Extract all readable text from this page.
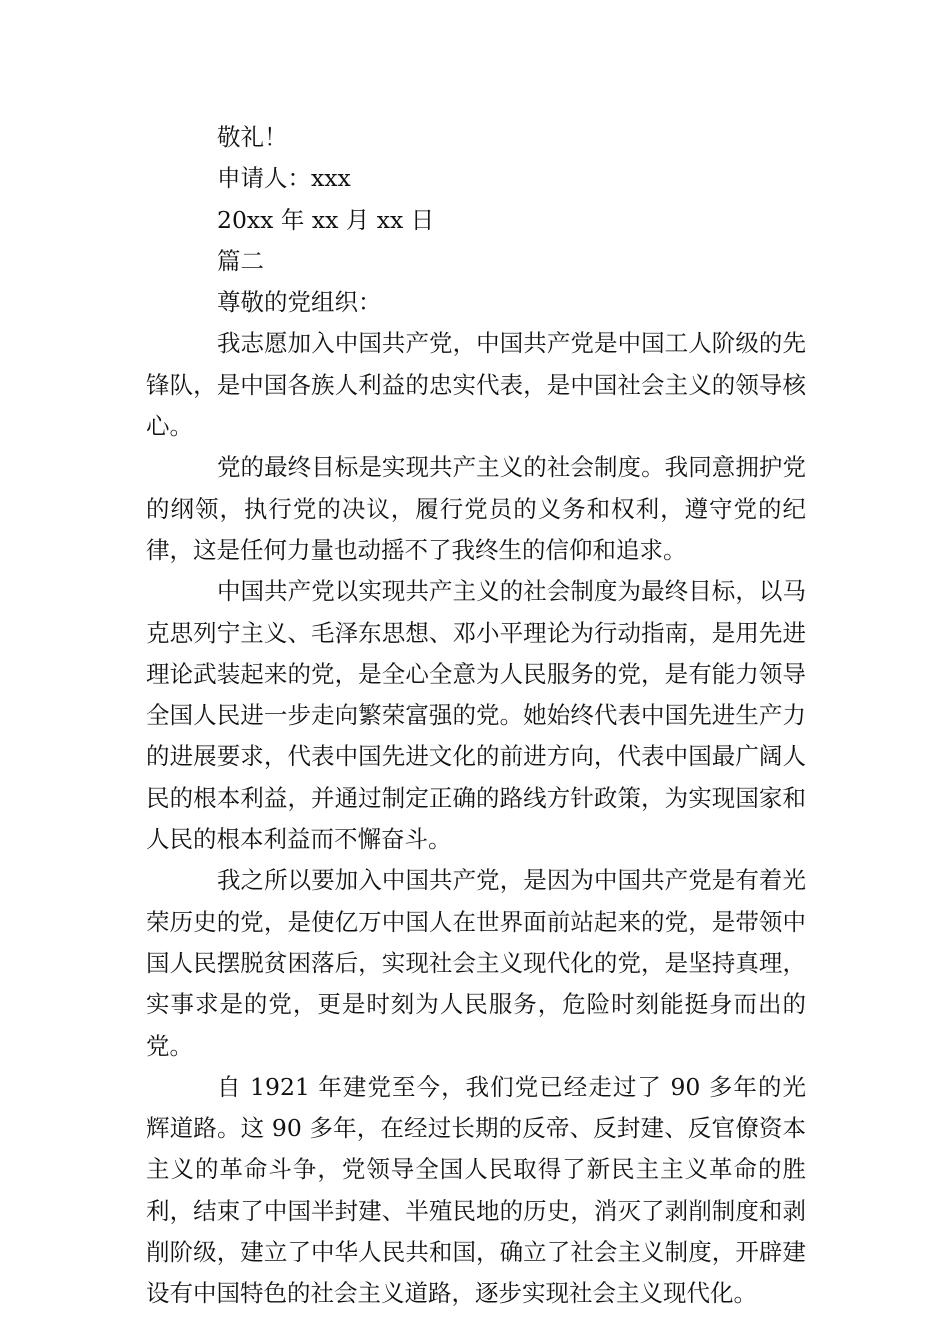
敬礼！

申请人：xxx

20xx 年 xx 月 xx 日

篇二

尊敬的党组织：

我志愿加入中国共产党，中国共产党是中国工人阶级的先锋队，是中国各族人利益的忠实代表，是中国社会主义的领导核心。

党的最终目标是实现共产主义的社会制度。我同意拥护党的纲领，执行党的决议，履行党员的义务和权利，遵守党的纪律，这是任何力量也动摇不了我终生的信仰和追求。

中国共产党以实现共产主义的社会制度为最终目标，以马克思列宁主义、毛泽东思想、邓小平理论为行动指南，是用先进理论武装起来的党，是全心全意为人民服务的党，是有能力领导全国人民进一步走向繁荣富强的党。她始终代表中国先进生产力的进展要求，代表中国先进文化的前进方向，代表中国最广阔人民的根本利益，并通过制定正确的路线方针政策，为实现国家和人民的根本利益而不懈奋斗。

我之所以要加入中国共产党，是因为中国共产党是有着光荣历史的党，是使亿万中国人在世界面前站起来的党，是带领中国人民摆脱贫困落后，实现社会主义现代化的党，是坚持真理，实事求是的党，更是时刻为人民服务，危险时刻能挺身而出的党。

自 1921 年建党至今，我们党已经走过了 90 多年的光辉道路。这 90 多年，在经过长期的反帝、反封建、反官僚资本主义的革命斗争，党领导全国人民取得了新民主主义革命的胜利，结束了中国半封建、半殖民地的历史，消灭了剥削制度和剥削阶级，建立了中华人民共和国，确立了社会主义制度，开辟建设有中国特色的社会主义道路，逐步实现社会主义现代化。
